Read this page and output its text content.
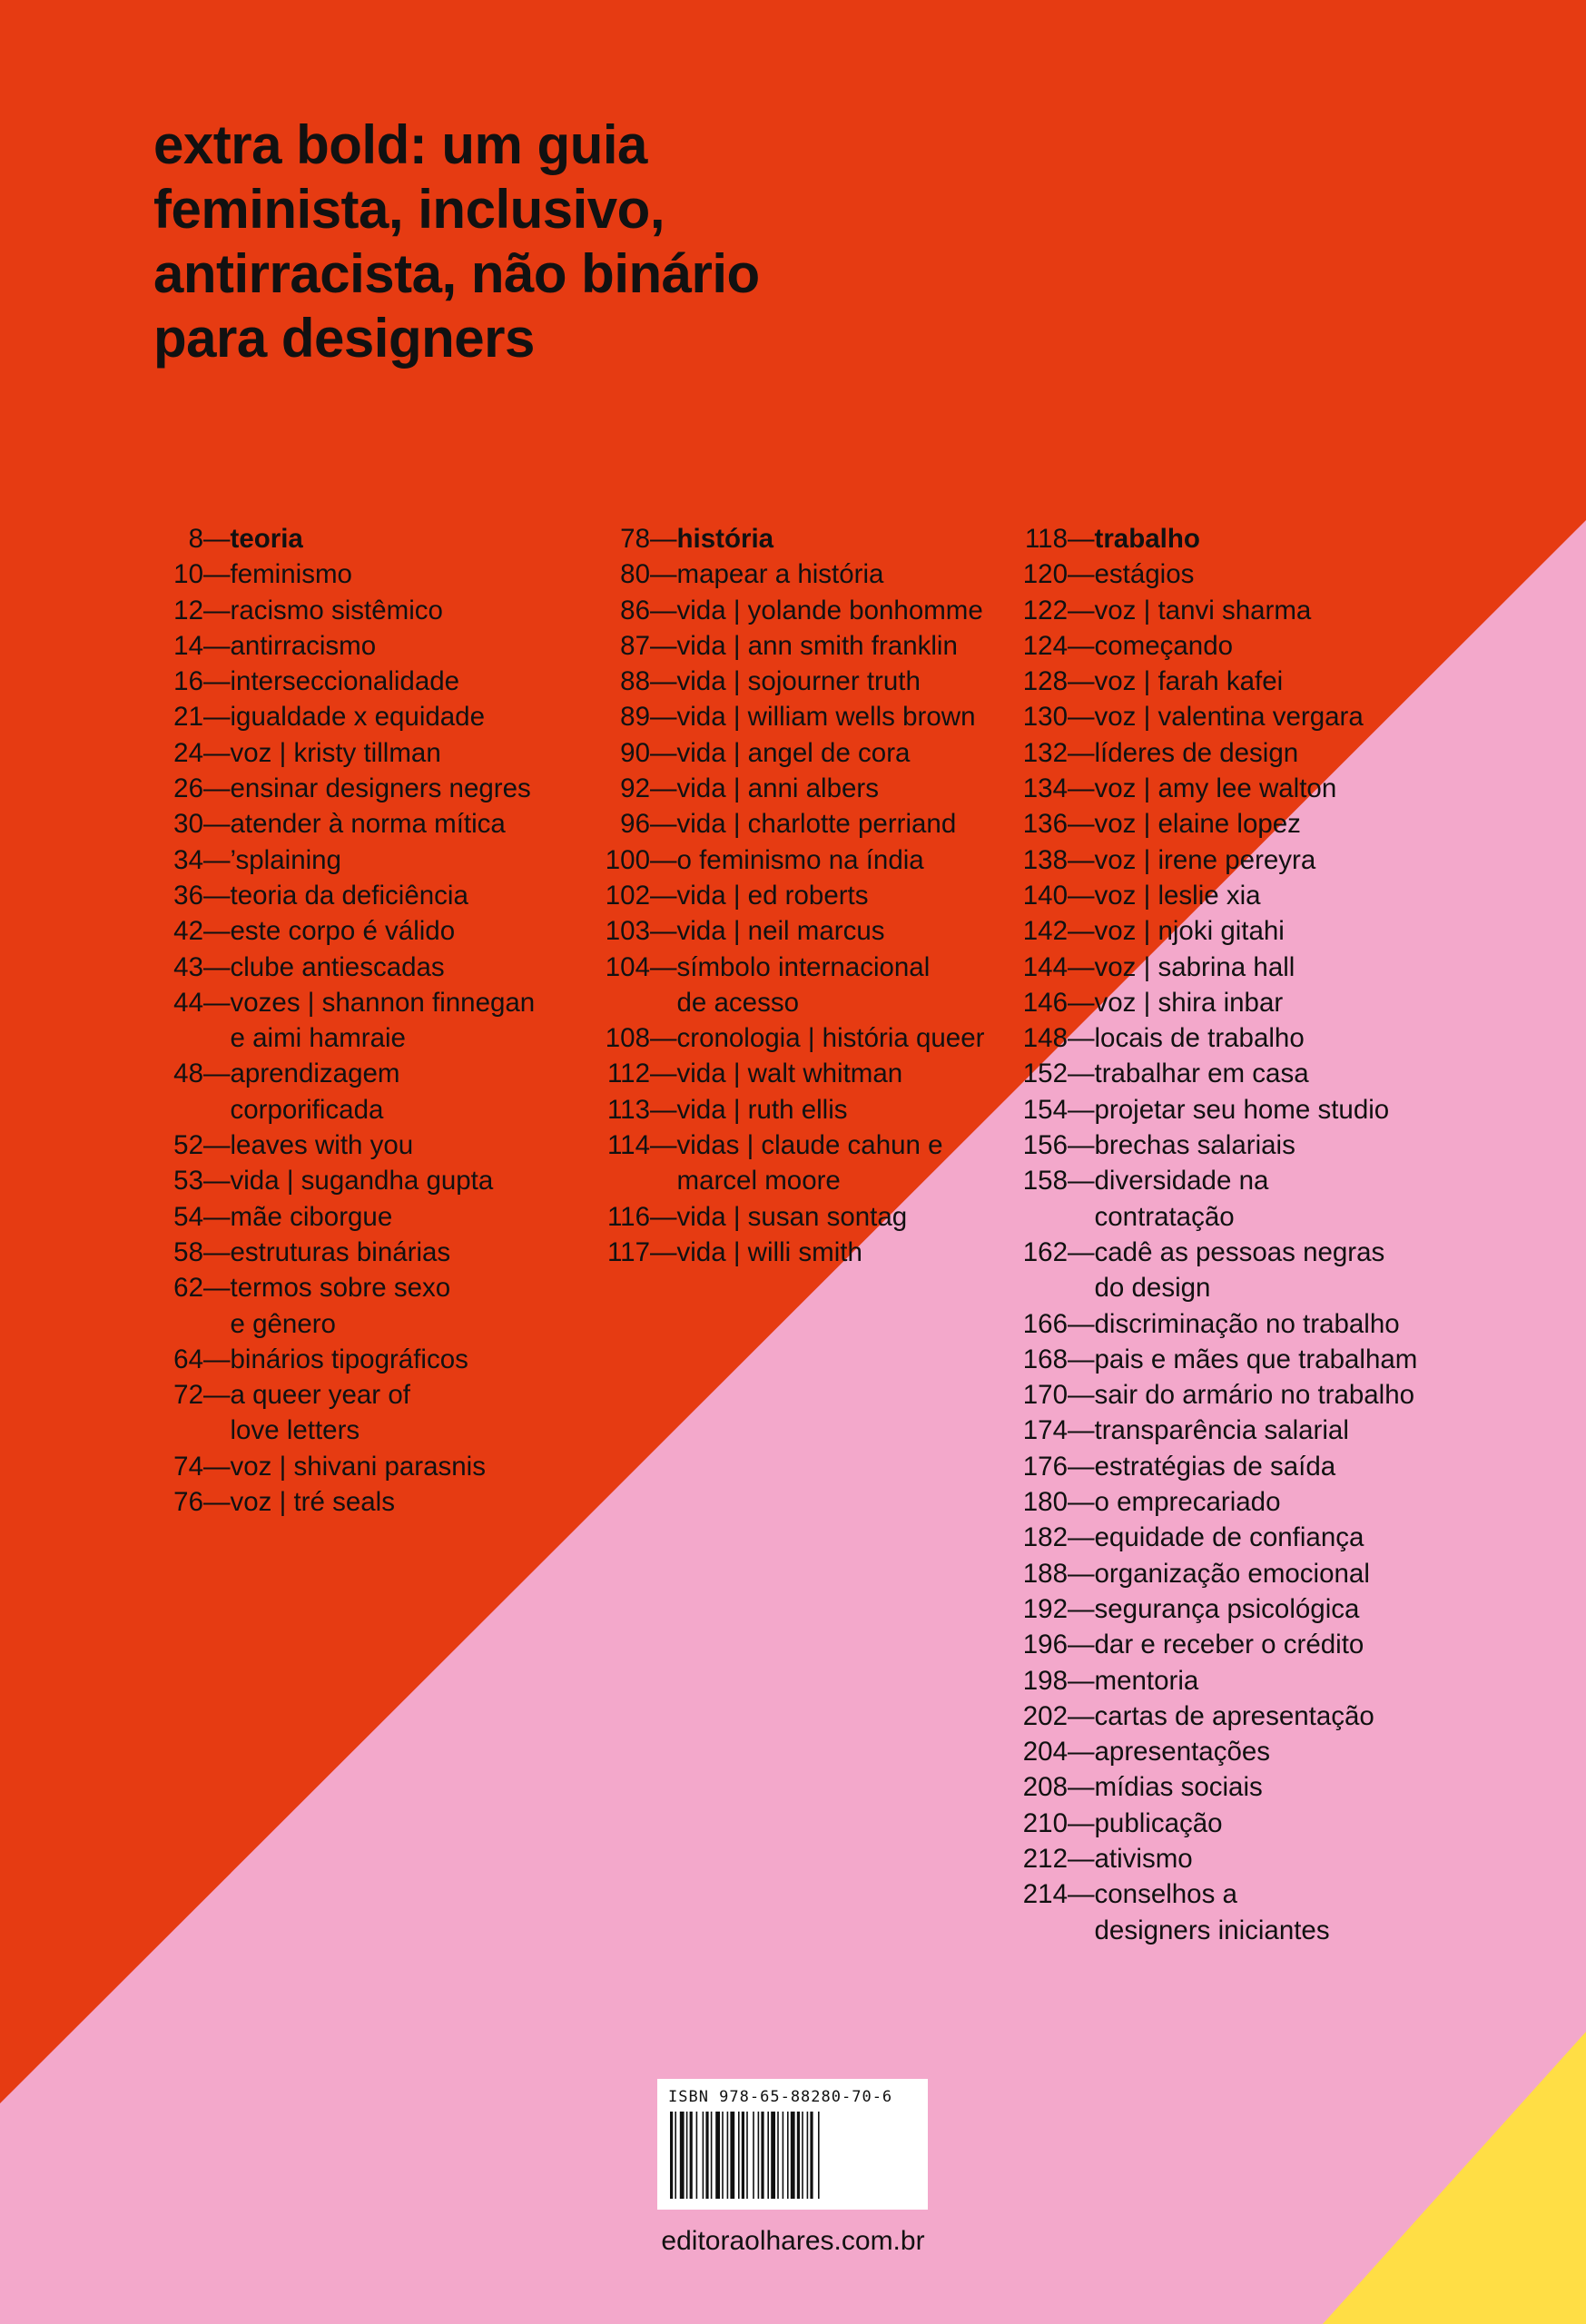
extra bold: um guia
feminista, inclusivo,
antirracista, não binário
para designers
8 — teoria
10 — feminismo
12 — racismo sistêmico
14 — antirracismo
16 — interseccionalidade
21 — igualdade x equidade
24 — voz | kristy tillman
26 — ensinar designers negres
30 — atender à norma mítica
34 — ’splaining
36 — teoria da deficiência
42 — este corpo é válido
43 — clube antiescadas
44 — vozes | shannon finnegan
e aimi hamraie
48 — aprendizagem
corporificada
52 — leaves with you
53 — vida | sugandha gupta
54 — mãe ciborgue
58 — estruturas binárias
62 — termos sobre sexo
e gênero
64 — binários tipográficos
72 — a queer year of
love letters
74 — voz | shivani parasnis
76 — voz | tré seals
78 — história
80 — mapear a história
86 — vida | yolande bonhomme
87 — vida | ann smith franklin
88 — vida | sojourner truth
89 — vida | william wells brown
90 — vida | angel de cora
92 — vida | anni albers
96 — vida | charlotte perriand
100 — o feminismo na índia
102 — vida | ed roberts
103 — vida | neil marcus
104 — símbolo internacional
de acesso
108 — cronologia | história queer
112 — vida | walt whitman
113 — vida | ruth ellis
114 — vidas | claude cahun e
marcel moore
116 — vida | susan sontag
117 — vida | willi smith
118 — trabalho
120 — estágios
122 — voz | tanvi sharma
124 — começando
128 — voz | farah kafei
130 — voz | valentina vergara
132 — líderes de design
134 — voz | amy lee walton
136 — voz | elaine lopez
138 — voz | irene pereyra
140 — voz | leslie xia
142 — voz | njoki gitahi
144 — voz | sabrina hall
146 — voz | shira inbar
148 — locais de trabalho
152 — trabalhar em casa
154 — projetar seu home studio
156 — brechas salariais
158 — diversidade na
contratação
162 — cadê as pessoas negras
do design
166 — discriminação no trabalho
168 — pais e mães que trabalham
170 — sair do armário no trabalho
174 — transparência salarial
176 — estratégias de saída
180 — o emprecariado
182 — equidade de confiança
188 — organização emocional
192 — segurança psicológica
196 — dar e receber o crédito
198 — mentoria
202 — cartas de apresentação
204 — apresentações
208 — mídias sociais
210 — publicação
212 — ativismo
214 — conselhos a
designers iniciantes
ISBN 978-65-88280-70-6
editoraolhares.com.br
